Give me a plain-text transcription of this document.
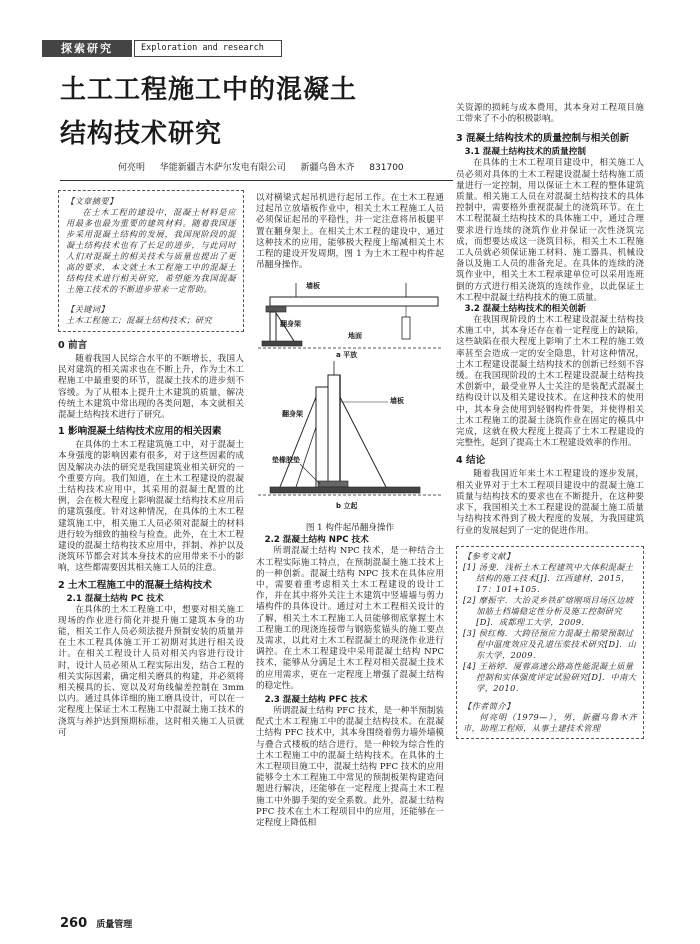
探索研究	Exploration and research
土工工程施工中的混凝土
结构技术研究
何亮明 华能新疆吉木萨尔发电有限公司 新疆乌鲁木齐 831700
【文章摘要】

在土木工程的建设中，混凝土材料是应用最多也最为重要的建筑材料。随着我国逐步采用混凝土结构的发展，我国现阶段的混凝土结构技术也有了长足的进步，与此同时人们对混凝土的相关技术与质量也提出了更高的要求，本文就土木工程施工中的混凝土结构技术进行相关研究，希望能为我国混凝土施工技术的不断进步带来一定帮助。

【关键词】

土木工程施工；混凝土结构技术；研究

0 前言

随着我国人民综合水平的不断增长，我国人民对建筑的相关需求也在不断上升，作为土木工程施工中最重要的环节，混凝土技术的进步刻不容缓。为了从根本上提升土木建筑的质量，解决传统土木建筑中常出现的各类问题，本文就相关混凝土结构技术进行了研究。

1 影响混凝土结构技术应用的相关因素

在具体的土木工程建筑施工中，对于混凝土本身强度的影响因素有很多，对于这些因素的成因及解决办法的研究是我国建筑业相关研究的一个重要方向。我们知道，在土木工程建设的混凝土结构技术应用中，其采用的混凝土配置的比例，会在极大程度上影响混凝土结构技术应用后的建筑强度。针对这种情况，在具体的土木工程建筑施工中，相关施工人员必须对混凝土的材料进行较为细致的抽检与检查。此外，在土木工程建设的混凝土结构技术应用中，拌制、养护以及浇筑环节都会对其本身技术的应用带来不小的影响，这些都需要因其相关施工人员的注意。

2 土木工程施工中的混凝土结构技术
2.1 混凝土结构 PC 技术

在具体的土木工程施工中，想要对相关施工现场的作业进行简化并提升施工建筑本身的功能，相关工作人员必须法提升预制安装的质量并在土木工程具体施工开工初期对其进行相关设计。在相关工程设计人员对相关内容进行设计时，设计人员必须从工程实际出发，结合工程的相关实际因素，确定相关磨具的构建，并必须将相关模具的长、宽以及对角线偏差控制在 3mm 以内。通过具体详细的施工磨具设计，可以在一定程度上保证土木工程施工中混凝土施工技术的浇筑与养护达到预期标准，这时相关施工人员就可

以对横梁式起吊机进行起吊工作。在土木工程通过起吊立放墙板作业中，相关土木工程施工人员必须保证起吊的平稳性，并一定注意将吊板腿平置在翻身架上。在相关土木工程的建设中，通过这种技术的应用，能够极大程度上缩减相关土木工程的建设开发周期，图 1 为土木工程中构件起吊翻身操作。

墙板
翻身架
地面
a 平放
翻身架
墙板
垫橡胶垫
b 立起
图 1 构件起吊翻身操作
2.2 混凝土结构 NPC 技术

所谓混凝土结构 NPC 技术，是一种结合土木工程实际施工特点，在预制混凝土施工技术上的一种创新。混凝土结构 NPC 技术在具体应用中，需要着重考虑相关土木工程建设的设计工作，并在其中将外关注土木建筑中竖墙墙与剪力墙构件的具体设计。通过对土木工程相关设计的了解，相关土木工程施工人员能够彻底掌握土木工程施工的现浇连接带与钢筋浆锚头的施工要点及需求，以此对土木工程混凝土的现浇作业进行调控。在土木工程建设中采用混凝土结构 NPC 技术，能够从分满足土木工程对相关混凝土技术的应用需求，更在一定程度上增强了混凝土结构的稳定性。

2.3 混凝土结构 PFC 技术

所谓混凝土结构 PFC 技术，是一种半预制装配式土木工程施工中的混凝土结构技术。在混凝土结构 PFC 技术中，其本身围绕着剪力墙外墙模与叠合式楼板的结合进行，是一种较为综合性的土木工程施工中的混凝土结构技术。在具体的土木工程项目施工中，混凝土结构 PFC 技术的应用能够令土木工程施工中常见的预制板架构建造问题进行解决，还能够在一定程度上提高土木工程施工中外脚手架的安全系数。此外，混凝土结构 PFC 技术在土木工程项目中的应用，还能够在一定程度上降低相

关资源的损耗与成本费用，其本身对工程项目施工带来了不小的积极影响。

3 混凝土结构技术的质量控制与相关创新
3.1 混凝土结构技术的质量控制

在具体的土木工程项目建设中，相关施工人员必须对具体的土木工程建设混凝土结构施工质量进行一定控制，用以保证土木工程的整体建筑质量。相关施工人员在对混凝土结构技术的具体控制中，需要格外重视混凝土的浇筑环节。在土木工程混凝土结构技术的具体施工中，通过合理要求进行连续的浇筑作业并保证一次性浇筑完成，而想要达成这一浇筑目标，相关土木工程施工人员就必须保证施工材料、施工器具、机械设备以及施工人员的准备充足。在具体的连续的浇筑作业中，相关土木工程承建单位可以采用连班倒的方式进行相关浇筑的连续作业，以此保证土木工程中混凝土结构技术的施工质量。

3.2 混凝土结构技术的相关创新

在我国现阶段的土木工程建设混凝土结构技术施工中，其本身还存在着一定程度上的缺陷，这些缺陷在很大程度上影响了土木工程的施工效率甚至会造成一定的安全隐患，针对这种情况，土木工程建设混凝土结构技术的创新已经刻不容缓。在我国现阶段的土木工程建设混凝土结构技术创新中，最受业界人士关注的是装配式混凝土结构设计以及相关建设技术。在这种技术的使用中，其本身会使用到轻钢构件骨架，并使得相关土木工程施工的混凝土浇筑作业在固定的模具中完成，这就在极大程度上提高了土木工程建设的完整性，起到了提高土木工程建设效率的作用。

4 结论

随着我国近年来土木工程建设的逐步发展，相关业界对于土木工程项目建设中的混凝土施工质量与结构技术的要求也在不断提升，在这种要求下，我国相关土木工程建设的混凝土施工质量与结构技术得到了极大程度的发展，为我国建筑行业的发展起到了一定的促进作用。

【参考文献】

[1] 汤斐．浅析土木工程建筑中大体积混凝土结构的施工技术[J]．江西建材，2015，17：101+105．

[2] 摩振宇．大治灵乡铁矿熔刚项目场区边坡加筋土档墙稳定性分析及施工控制研究[D]．成都理工大学，2009．

[3] 侯红梅．大跨径预应力混凝土箱梁预制过程中温度效应及孔道压浆技术研究[D]．山东大学，2009．

[4] 王裕婷．厦蓉高速公路高性能混凝土质量控制和实体强度评定试验研究[D]．中南大学，2010．

【作者简介】

何亮明（1979—），男，新疆乌鲁木齐市，助理工程师，从事土建技术管理

260 质量管理
